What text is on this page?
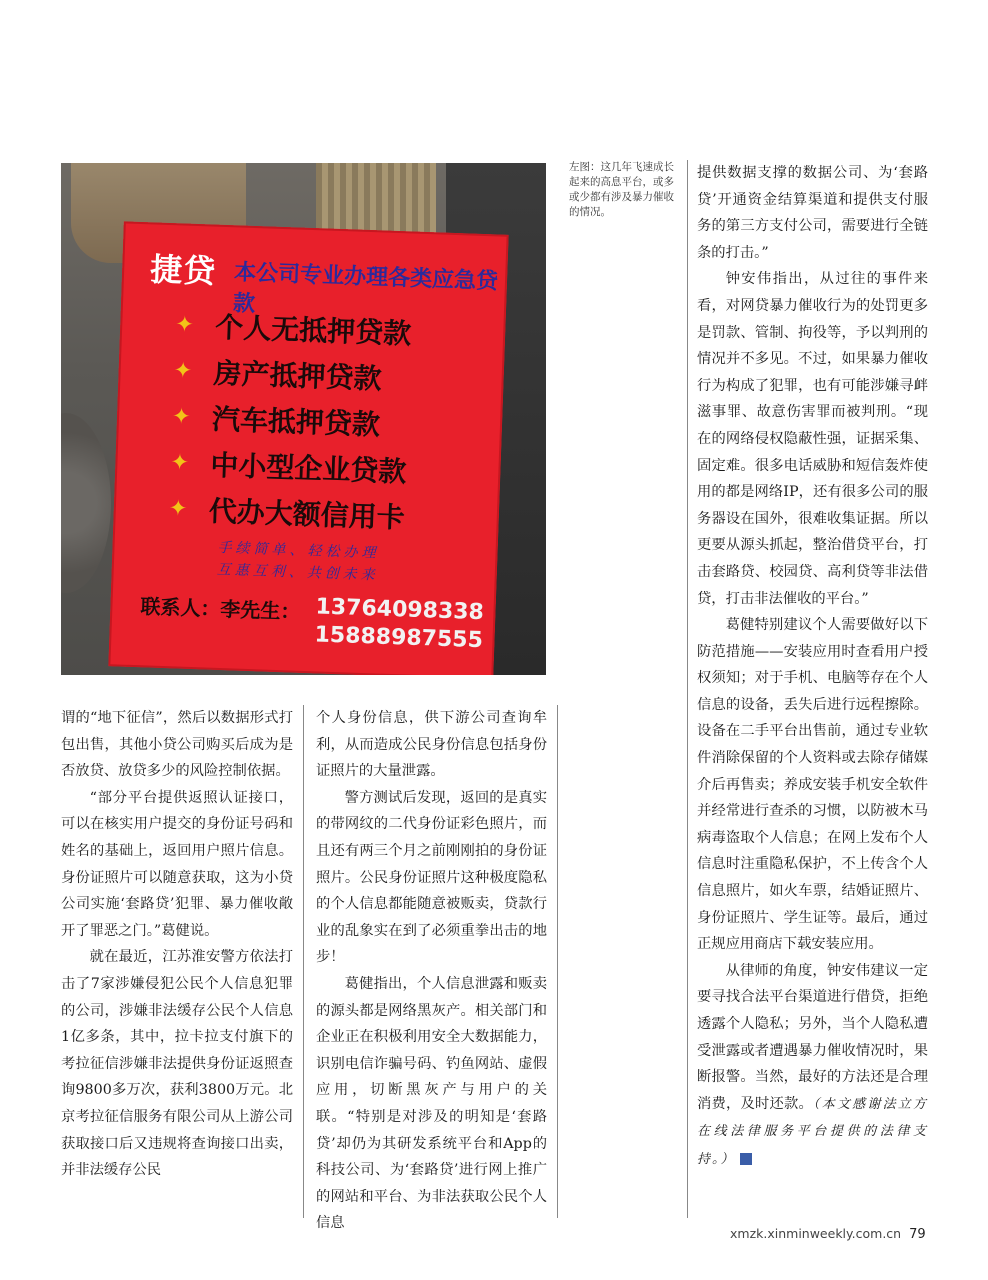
捷贷 本公司专业办理各类应急贷款
✦ 个人无抵押贷款
✦ 房产抵押贷款
✦ 汽车抵押贷款
✦ 中小型企业贷款
✦ 代办大额信用卡
手续简单、轻松办理
互惠互利、共创未来
联系人：李先生： 13764098338
15888987555
左图：这几年飞速成长起来的高息平台，或多或少都有涉及暴力催收的情况。

谓的“地下征信”，然后以数据形式打包出售，其他小贷公司购买后成为是否放贷、放贷多少的风险控制依据。

“部分平台提供返照认证接口，可以在核实用户提交的身份证号码和姓名的基础上，返回用户照片信息。身份证照片可以随意获取，这为小贷公司实施‘套路贷’犯罪、暴力催收敞开了罪恶之门。”葛健说。

就在最近，江苏淮安警方依法打击了7家涉嫌侵犯公民个人信息犯罪的公司，涉嫌非法缓存公民个人信息1亿多条，其中，拉卡拉支付旗下的考拉征信涉嫌非法提供身份证返照查询9800多万次，获利3800万元。北京考拉征信服务有限公司从上游公司获取接口后又违规将查询接口出卖，并非法缓存公民

个人身份信息，供下游公司查询牟利，从而造成公民身份信息包括身份证照片的大量泄露。

警方测试后发现，返回的是真实的带网纹的二代身份证彩色照片，而且还有两三个月之前刚刚拍的身份证照片。公民身份证照片这种极度隐私的个人信息都能随意被贩卖，贷款行业的乱象实在到了必须重拳出击的地步！

葛健指出，个人信息泄露和贩卖的源头都是网络黑灰产。相关部门和企业正在积极利用安全大数据能力，识别电信诈骗号码、钓鱼网站、虚假应用，切断黑灰产与用户的关联。“特别是对涉及的明知是‘套路贷’却仍为其研发系统平台和App的科技公司、为‘套路贷’进行网上推广的网站和平台、为非法获取公民个人信息

提供数据支撑的数据公司、为‘套路贷’开通资金结算渠道和提供支付服务的第三方支付公司，需要进行全链条的打击。”

钟安伟指出，从过往的事件来看，对网贷暴力催收行为的处罚更多是罚款、管制、拘役等，予以判刑的情况并不多见。不过，如果暴力催收行为构成了犯罪，也有可能涉嫌寻衅滋事罪、故意伤害罪而被判刑。“现在的网络侵权隐蔽性强，证据采集、固定难。很多电话威胁和短信轰炸使用的都是网络IP，还有很多公司的服务器设在国外，很难收集证据。所以更要从源头抓起，整治借贷平台，打击套路贷、校园贷、高利贷等非法借贷，打击非法催收的平台。”

葛健特别建议个人需要做好以下防范措施——安装应用时查看用户授权须知；对于手机、电脑等存在个人信息的设备，丢失后进行远程擦除。设备在二手平台出售前，通过专业软件消除保留的个人资料或去除存储媒介后再售卖；养成安装手机安全软件并经常进行查杀的习惯，以防被木马病毒盗取个人信息；在网上发布个人信息时注重隐私保护，不上传含个人信息照片，如火车票，结婚证照片、身份证照片、学生证等。最后，通过正规应用商店下载安装应用。

从律师的角度，钟安伟建议一定要寻找合法平台渠道进行借贷，拒绝透露个人隐私；另外，当个人隐私遭受泄露或者遭遇暴力催收情况时，果断报警。当然，最好的方法还是合理消费，及时还款。（本文感谢法立方在线法律服务平台提供的法律支持。）	民

xmzk.xinminweekly.com.cn 79
